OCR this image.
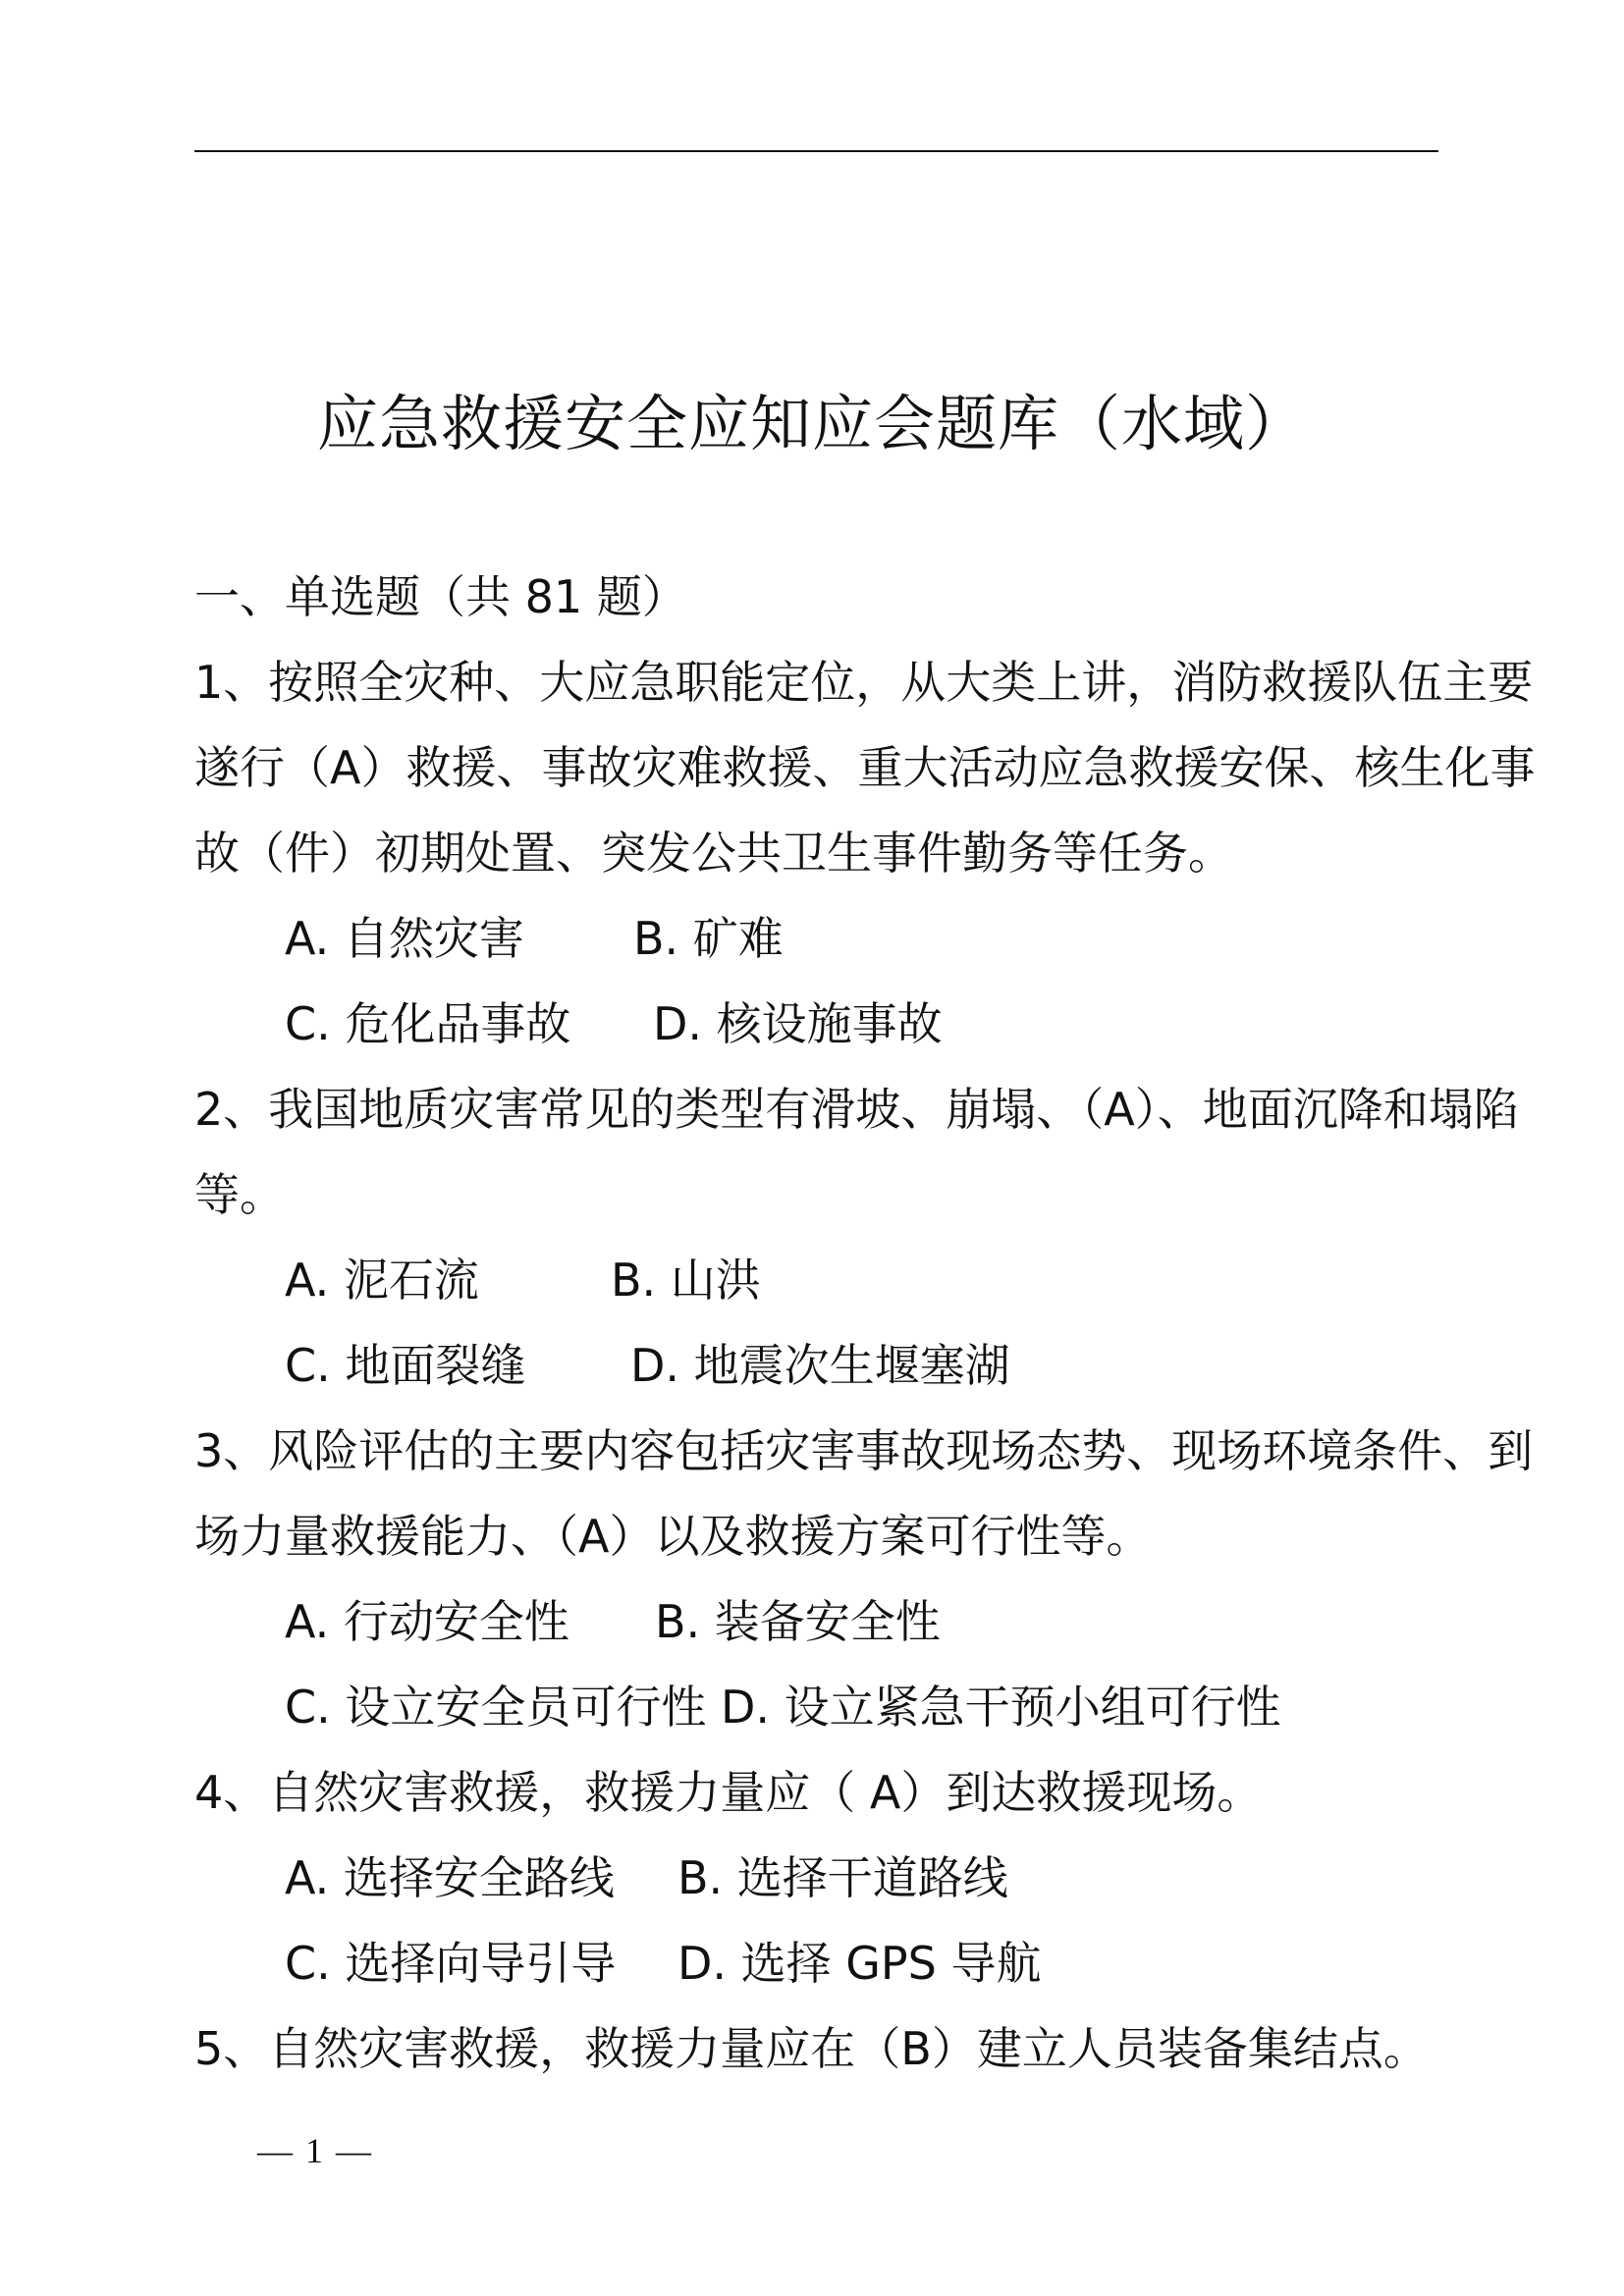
应急救援安全应知应会题库（水域）
一、单选题（共 81 题）
1、按照全灾种、大应急职能定位，从大类上讲，消防救援队伍主要
遂行（A）救援、事故灾难救援、重大活动应急救援安保、核生化事
故（件）初期处置、突发公共卫生事件勤务等任务。
A. 自然灾害 B. 矿难
C. 危化品事故 D. 核设施事故
2、我国地质灾害常见的类型有滑坡、崩塌、（A）、地面沉降和塌陷
等。
A. 泥石流	B. 山洪
C. 地面裂缝 D. 地震次生堰塞湖
3、风险评估的主要内容包括灾害事故现场态势、现场环境条件、到
场力量救援能力、（A）以及救援方案可行性等。
A. 行动安全性 B. 装备安全性
C. 设立安全员可行性 D. 设立紧急干预小组可行性
4、自然灾害救援，救援力量应（ A）到达救援现场。
A. 选择安全路线 B. 选择干道路线
C. 选择向导引导 D. 选择 GPS 导航
5、自然灾害救援，救援力量应在（B）建立人员装备集结点。
— 1 —
